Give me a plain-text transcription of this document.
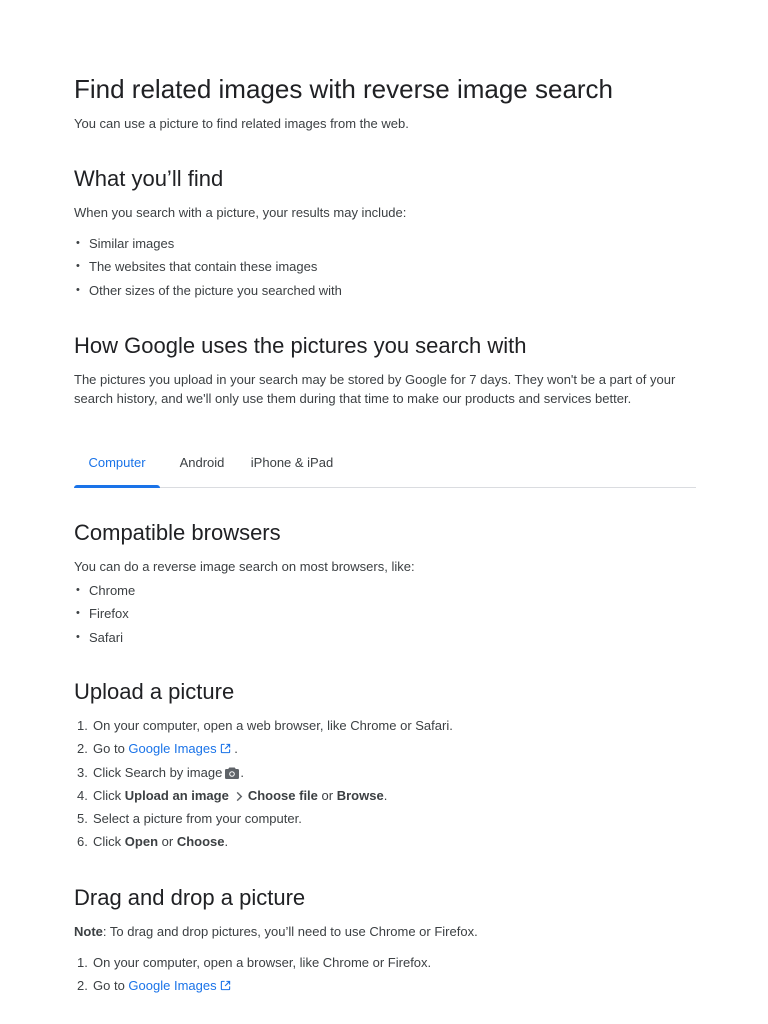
Find related images with reverse image search

You can use a picture to find related images from the web.

What you’ll find

When you search with a picture, your results may include:

• Similar images
• The websites that contain these images
• Other sizes of the picture you searched with
How Google uses the pictures you search with

The pictures you upload in your search may be stored by Google for 7 days. They won't be a part of your search history, and we'll only use them during that time to make our products and services better.

Computer	Android iPhone & iPad
Compatible browsers

You can do a reverse image search on most browsers, like:

• Chrome
• Firefox
• Safari
Upload a picture
1. On your computer, open a web browser, like Chrome or Safari.
2. Go to Google Images .
3. Click Search by image .
4. Click Upload an image Choose file or Browse.
5. Select a picture from your computer.
6. Click Open or Choose.
Drag and drop a picture

Note: To drag and drop pictures, you’ll need to use Chrome or Firefox.

1. On your computer, open a browser, like Chrome or Firefox.
2. Go to Google Images
